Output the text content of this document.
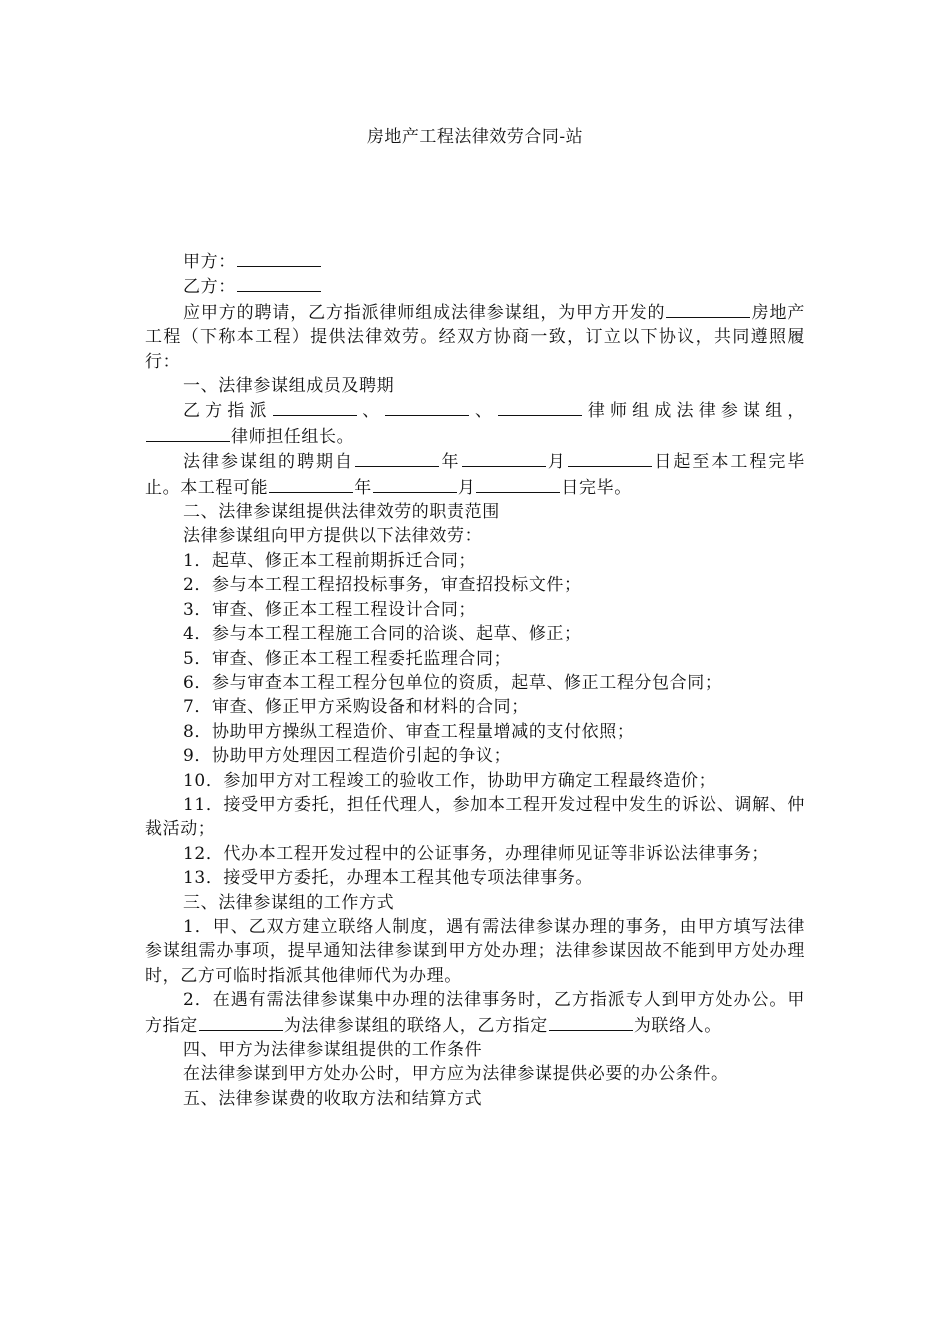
房地产工程法律效劳合同-站

甲方：

乙方：

应甲方的聘请，乙方指派律师组成法律参谋组，为甲方开发的	房地产工程（下称本工程）提供法律效劳。经双方协商一致，订立以下协议，共同遵照履行：

一、法律参谋组成员及聘期

乙方指派	、	、	律师组成法律参谋组，律师担任组长。

法律参谋组的聘期自	年	月	日起至本工程完毕止。本工程可能	年	月	日完毕。

二、法律参谋组提供法律效劳的职责范围

法律参谋组向甲方提供以下法律效劳：

1．起草、修正本工程前期拆迁合同；

2．参与本工程工程招投标事务，审查招投标文件；

3．审查、修正本工程工程设计合同；

4．参与本工程工程施工合同的洽谈、起草、修正；

5．审查、修正本工程工程委托监理合同；

6．参与审查本工程工程分包单位的资质，起草、修正工程分包合同；

7．审查、修正甲方采购设备和材料的合同；

8．协助甲方操纵工程造价、审查工程量增减的支付依照；

9．协助甲方处理因工程造价引起的争议；

10．参加甲方对工程竣工的验收工作，协助甲方确定工程最终造价；

11．接受甲方委托，担任代理人，参加本工程开发过程中发生的诉讼、调解、仲裁活动；

12．代办本工程开发过程中的公证事务，办理律师见证等非诉讼法律事务；

13．接受甲方委托，办理本工程其他专项法律事务。

三、法律参谋组的工作方式

1．甲、乙双方建立联络人制度，遇有需法律参谋办理的事务，由甲方填写法律参谋组需办事项，提早通知法律参谋到甲方处办理；法律参谋因故不能到甲方处办理时，乙方可临时指派其他律师代为办理。

2．在遇有需法律参谋集中办理的法律事务时，乙方指派专人到甲方处办公。甲方指定	为法律参谋组的联络人，乙方指定	为联络人。

四、甲方为法律参谋组提供的工作条件

在法律参谋到甲方处办公时，甲方应为法律参谋提供必要的办公条件。

五、法律参谋费的收取方法和结算方式
